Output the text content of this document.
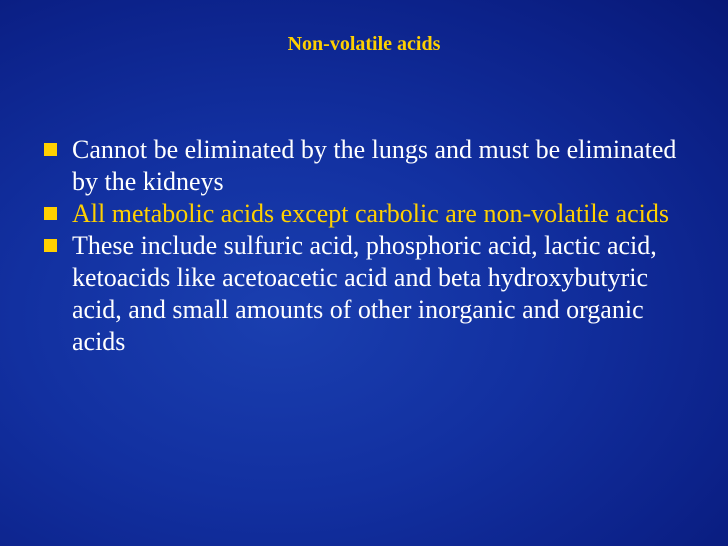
Non-volatile acids
Cannot be eliminated by the lungs and must be eliminated by the kidneys
All metabolic acids except carbolic are non-volatile acids
These include sulfuric acid, phosphoric acid, lactic acid, ketoacids like acetoacetic acid and beta hydroxybutyric acid, and small amounts of other inorganic and organic acids
